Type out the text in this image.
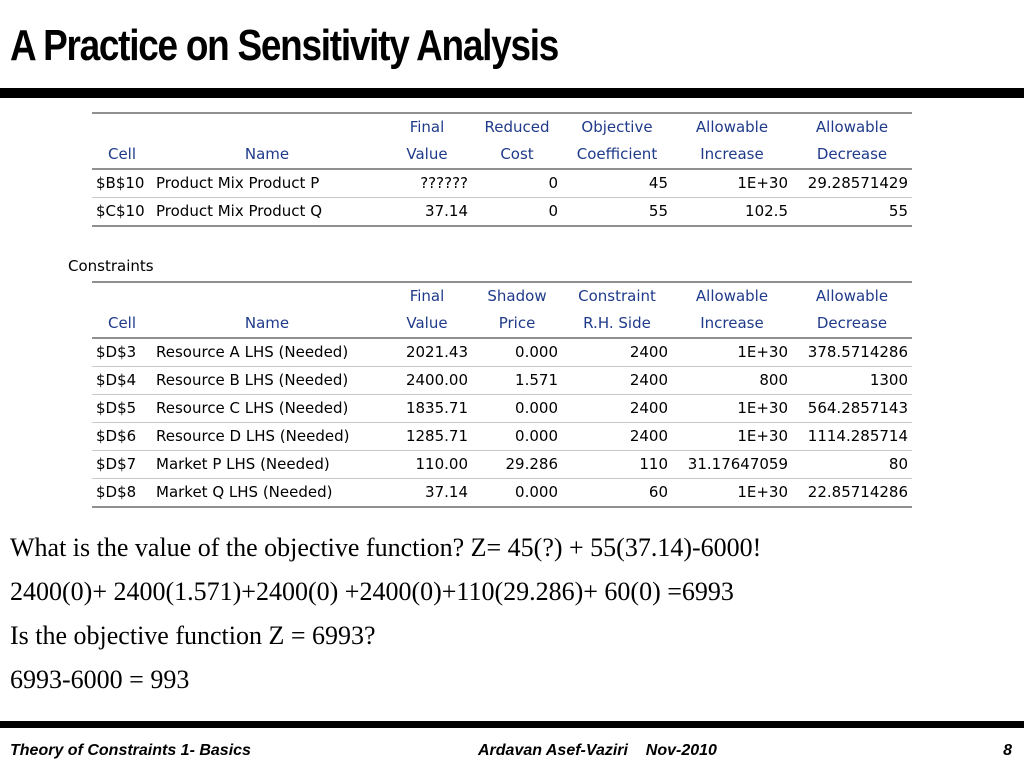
A Practice on Sensitivity Analysis
		Final	Reduced	Objective	Allowable	Allowable
Cell	Name	Value	Cost	Coefficient	Increase	Decrease
$B$10	Product Mix Product P	??????	0	45	1E+30	29.28571429
$C$10	Product Mix Product Q	37.14	0	55	102.5	55
Constraints
		Final	Shadow	Constraint	Allowable	Allowable
Cell	Name	Value	Price	R.H. Side	Increase	Decrease
$D$3	Resource A LHS (Needed)	2021.43	0.000	2400	1E+30	378.5714286
$D$4	Resource B LHS (Needed)	2400.00	1.571	2400	800	1300
$D$5	Resource C LHS (Needed)	1835.71	0.000	2400	1E+30	564.2857143
$D$6	Resource D LHS (Needed)	1285.71	0.000	2400	1E+30	1114.285714
$D$7	Market P LHS (Needed)	110.00	29.286	110	31.17647059	80
$D$8	Market Q LHS (Needed)	37.14	0.000	60	1E+30	22.85714286

What is the value of the objective function? Z= 45(?) + 55(37.14)-6000!

2400(0)+ 2400(1.571)+2400(0) +2400(0)+110(29.286)+ 60(0) =6993

Is the objective function Z = 6993?

6993-6000 = 993

Theory of Constraints 1- Basics	Ardavan Asef-Vaziri    Nov-2010	8
